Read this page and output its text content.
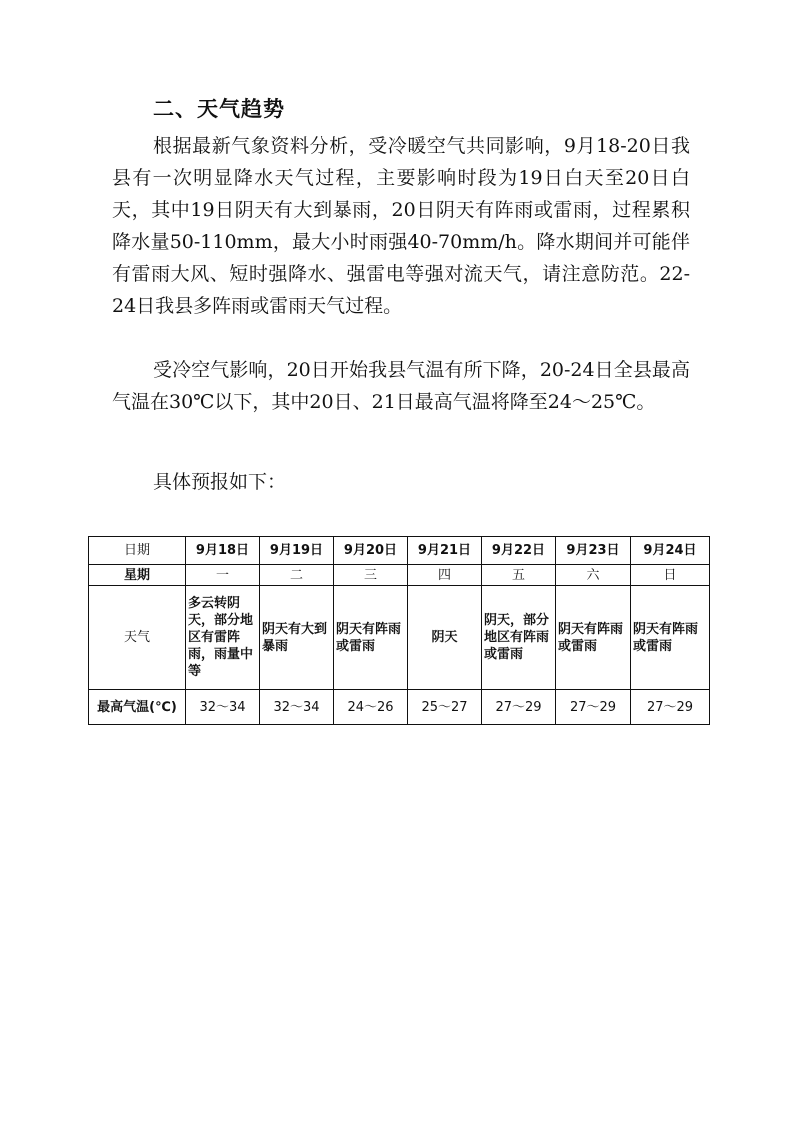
二、天气趋势

根据最新气象资料分析，受冷暖空气共同影响，9月18-20日我县有一次明显降水天气过程，主要影响时段为19日白天至20日白天，其中19日阴天有大到暴雨，20日阴天有阵雨或雷雨，过程累积降水量50-110mm，最大小时雨强40-70mm/h。降水期间并可能伴有雷雨大风、短时强降水、强雷电等强对流天气，请注意防范。22-24日我县多阵雨或雷雨天气过程。

受冷空气影响，20日开始我县气温有所下降，20-24日全县最高气温在30℃以下，其中20日、21日最高气温将降至24～25℃。

具体预报如下：

日期	9月18日	9月19日	9月20日	9月21日	9月22日	9月23日	9月24日
星期	一	二	三	四	五	六	日
天气	多云转阴天，部分地区有雷阵雨，雨量中等	阴天有大到暴雨	阴天有阵雨或雷雨	阴天	阴天，部分地区有阵雨或雷雨	阴天有阵雨或雷雨	阴天有阵雨或雷雨
最高气温(℃)	32～34	32～34	24～26	25～27	27～29	27～29	27～29
